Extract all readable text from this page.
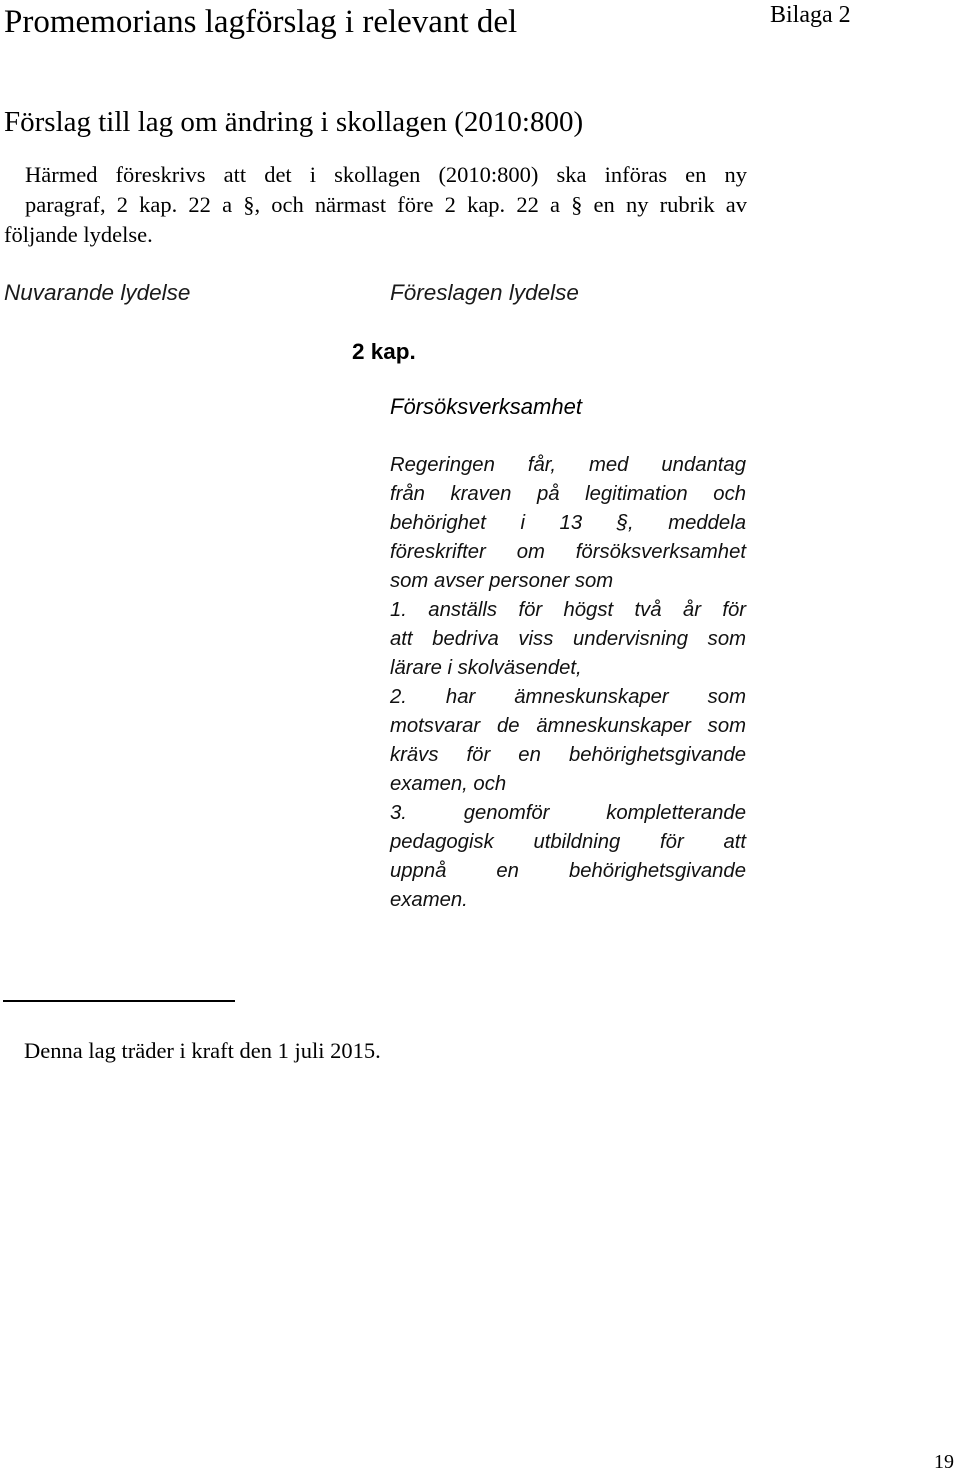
Promemorians lagförslag i relevant del	Bilaga 2
Förslag till lag om ändring i skollagen (2010:800)
Härmed föreskrivs att det i skollagen (2010:800) ska införas en ny
paragraf, 2 kap. 22 a §, och närmast före 2 kap. 22 a § en ny rubrik av
följande lydelse.
Nuvarande lydelse	Föreslagen lydelse
2 kap.
Försöksverksamhet
Regeringen får, med undantag
från kraven på legitimation och
behörighet i 13 §, meddela
föreskrifter om försöksverksamhet
som avser personer som
1. anställs för högst två år för
att bedriva viss undervisning som
lärare i skolväsendet,
2. har ämneskunskaper som
motsvarar de ämneskunskaper som
krävs för en behörighetsgivande
examen, och
3. genomför kompletterande
pedagogisk utbildning för att
uppnå en behörighetsgivande
examen.
Denna lag träder i kraft den 1 juli 2015.
19
